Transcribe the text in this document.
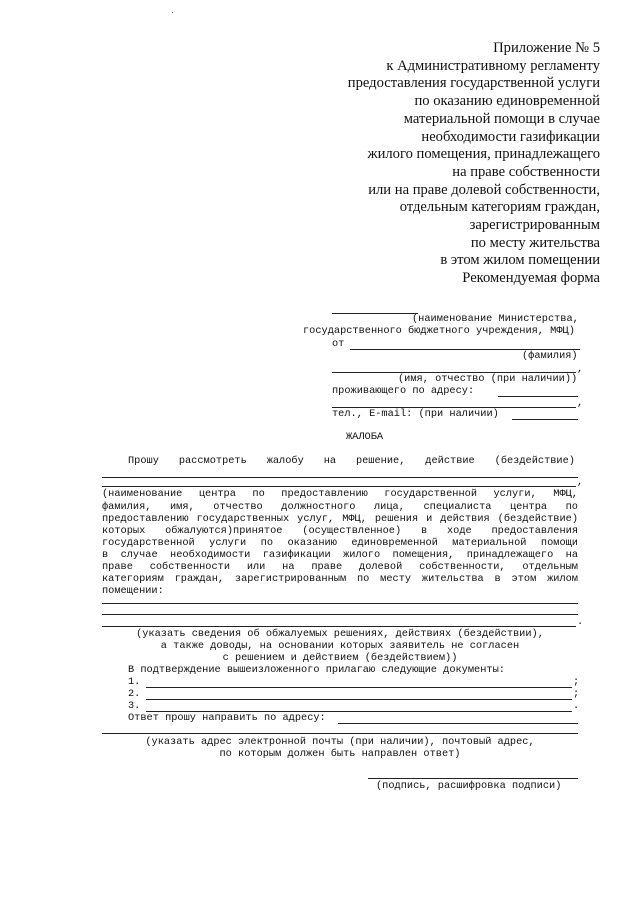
Приложение № 5
к Административному регламенту
предоставления государственной услуги
по оказанию единовременной
материальной помощи в случае
необходимости газификации
жилого помещения, принадлежащего
на праве собственности
или на праве долевой собственности,
отдельным категориям граждан,
зарегистрированным
по месту жительства
в этом жилом помещении
Рекомендуемая форма
(наименование Министерства,
государственного бюджетного учреждения, МФЦ)
от
(фамилия)
,
(имя, отчество (при наличии))
проживающего по адресу:
,
тел., E-mail: (при наличии)
ЖАЛОБА
Прошу рассмотреть жалобу на решение, действие (бездействие)
,
(наименование центра по предоставлению государственной услуги, МФЦ,
фамилия, имя, отчество должностного лица, специалиста центра по
предоставлению государственных услуг, МФЦ, решения и действия (бездействие)
которых обжалуются)принятое (осуществленное) в ходе предоставления
государственной услуги по оказанию единовременной материальной помощи
в случае необходимости газификации жилого помещения, принадлежащего на
праве собственности или на праве долевой собственности, отдельным
категориям граждан, зарегистрированным по месту жительства в этом жилом
помещении:
.
(указать сведения об обжалуемых решениях, действиях (бездействии),
а также доводы, на основании которых заявитель не согласен
с решением и действием (бездействием))
В подтверждение вышеизложенного прилагаю следующие документы:
1.	;
2.	;
3.	.
Ответ прошу направить по адресу:
(указать адрес электронной почты (при наличии), почтовый адрес,
по которым должен быть направлен ответ)
(подпись, расшифровка подписи)
